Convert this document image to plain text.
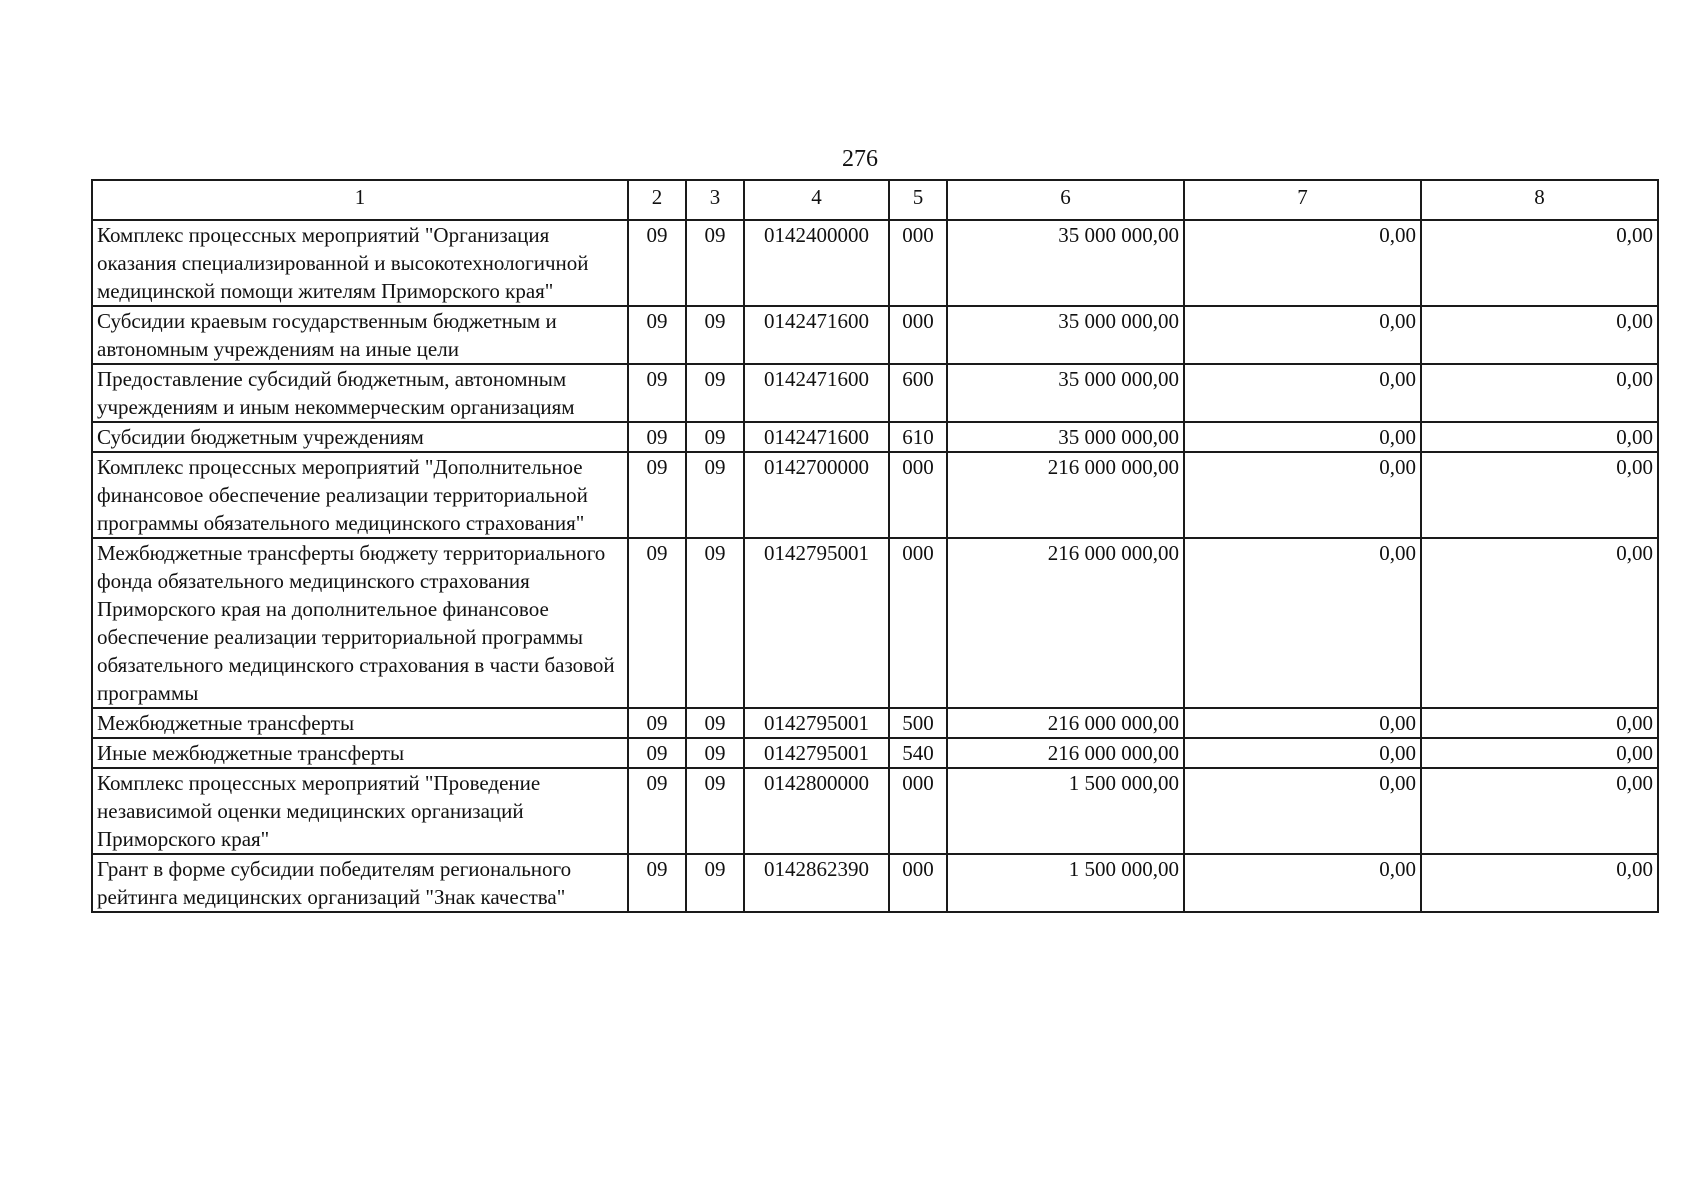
276
1	2	3	4	5	6	7	8
Комплекс процессных мероприятий "Организация оказания специализированной и высокотехнологичной медицинской помощи жителям Приморского края"	09	09	0142400000	000	35 000 000,00	0,00	0,00
Субсидии краевым государственным бюджетным и автономным учреждениям на иные цели	09	09	0142471600	000	35 000 000,00	0,00	0,00
Предоставление субсидий бюджетным, автономным учреждениям и иным некоммерческим организациям	09	09	0142471600	600	35 000 000,00	0,00	0,00
Субсидии бюджетным учреждениям	09	09	0142471600	610	35 000 000,00	0,00	0,00
Комплекс процессных мероприятий "Дополнительное финансовое обеспечение реализации территориальной программы обязательного медицинского страхования"	09	09	0142700000	000	216 000 000,00	0,00	0,00
Межбюджетные трансферты бюджету территориального фонда обязательного медицинского страхования Приморского края на дополнительное финансовое обеспечение реализации территориальной программы обязательного медицинского страхования в части базовой программы	09	09	0142795001	000	216 000 000,00	0,00	0,00
Межбюджетные трансферты	09	09	0142795001	500	216 000 000,00	0,00	0,00
Иные межбюджетные трансферты	09	09	0142795001	540	216 000 000,00	0,00	0,00
Комплекс процессных мероприятий "Проведение независимой оценки медицинских организаций Приморского края"	09	09	0142800000	000	1 500 000,00	0,00	0,00
Грант в форме субсидии победителям регионального рейтинга медицинских организаций "Знак качества"	09	09	0142862390	000	1 500 000,00	0,00	0,00
